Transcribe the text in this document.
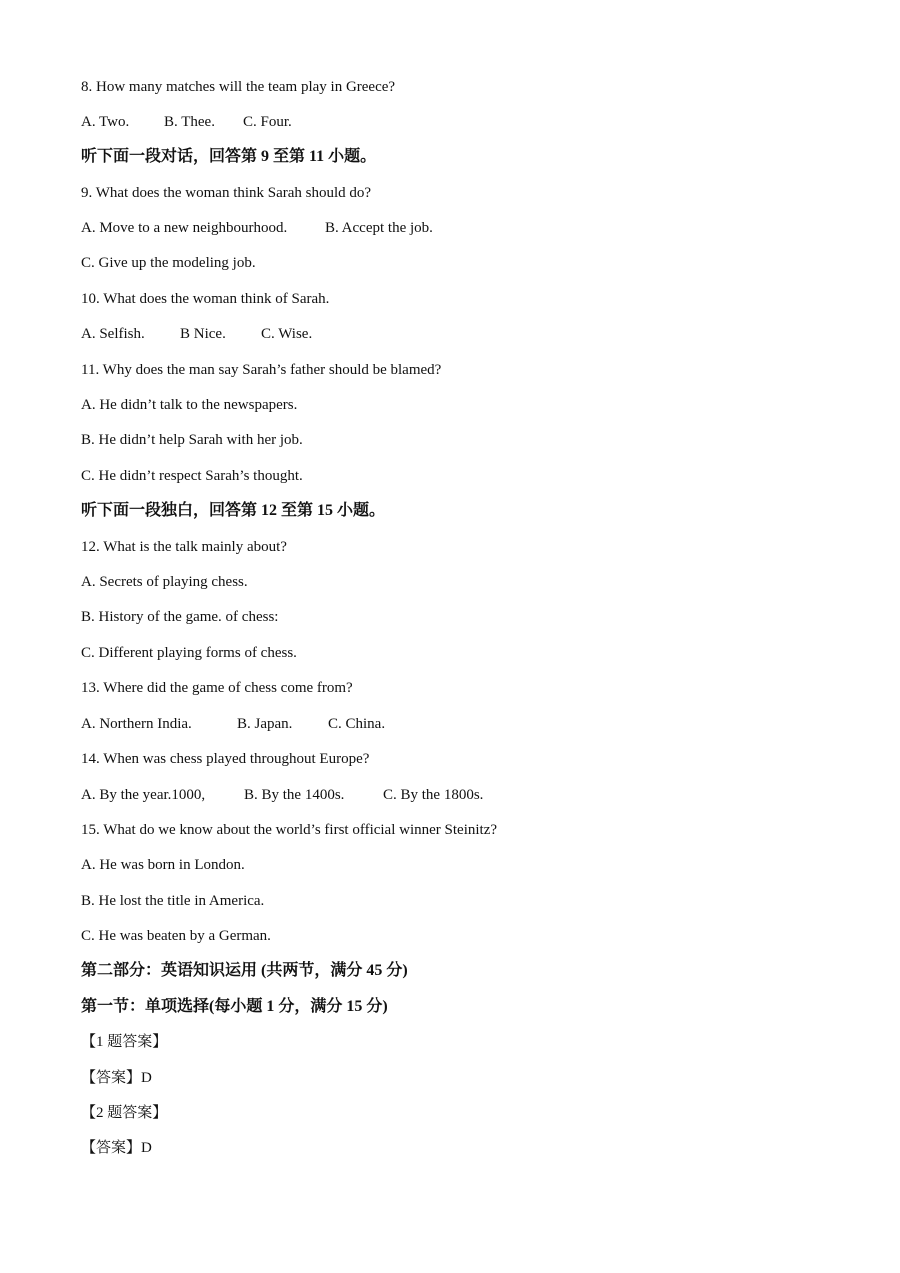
8. How many matches will the team play in Greece?

A. Two. B. Thee. C. Four.

听下面一段对话，回答第 9 至第 11 小题。

9. What does the woman think Sarah should do?

A. Move to a new neighbourhood.	B. Accept the job.

C. Give up the modeling job.

10. What does the woman think of Sarah.

A. Selfish. B Nice. C. Wise.

11. Why does the man say Sarah’s father should be blamed?

A. He didn’t talk to the newspapers.

B. He didn’t help Sarah with her job.

C. He didn’t respect Sarah’s thought.

听下面一段独白，回答第 12 至第 15 小题。

12. What is the talk mainly about?

A. Secrets of playing chess.

B. History of the game. of chess:

C. Different playing forms of chess.

13. Where did the game of chess come from?

A. Northern India.	B. Japan. C. China.

14. When was chess played throughout Europe?

A. By the year.1000,	B. By the 1400s.	C. By the 1800s.

15. What do we know about the world’s first official winner Steinitz?

A. He was born in London.

B. He lost the title in America.

C. He was beaten by a German.

第二部分：英语知识运用 (共两节，满分 45 分)

第一节：单项选择(每小题 1 分，满分 15 分)

【1 题答案】

【答案】D

【2 题答案】

【答案】D
